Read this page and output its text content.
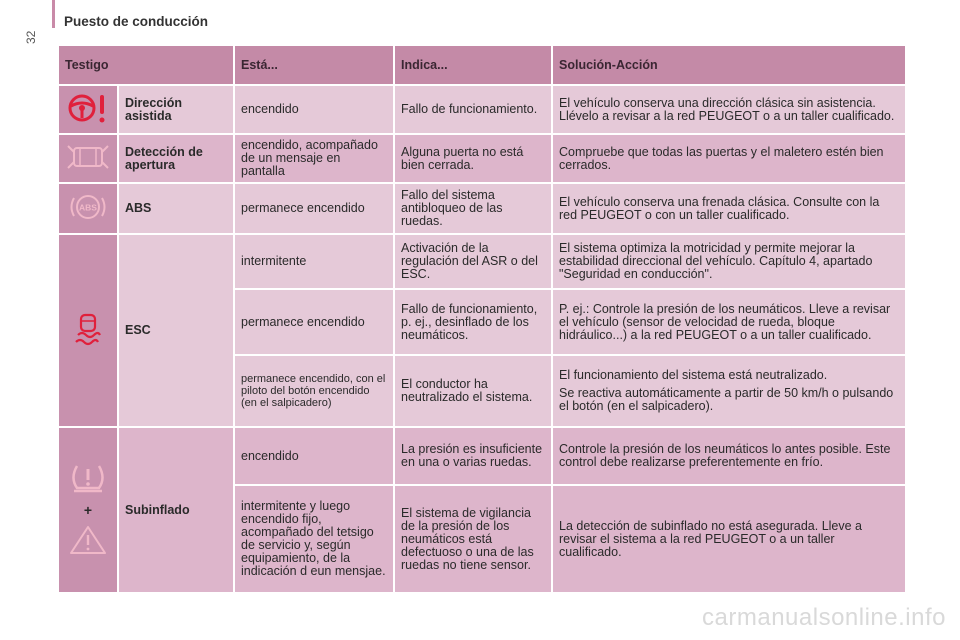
32
Puesto de conducción
Testigo		Está...	Indica...	Solución-Acción
	Dirección asistida	encendido	Fallo de funcionamiento.	El vehículo conserva una dirección clásica sin asistencia. Llévelo a revisar a la red PEUGEOT o a un taller cualificado.
	Detección de apertura	encendido, acompañado de un mensaje en pantalla	Alguna puerta no está bien cerrada.	Compruebe que todas las puertas y el maletero estén bien cerrados.

ABS	ABS	permanece encendido	Fallo del sistema antibloqueo de las ruedas.	El vehículo conserva una frenada clásica. Consulte con la red PEUGEOT o con un taller cualificado.
	ESC	intermitente	Activación de la regulación del ASR o del ESC.	El sistema optimiza la motricidad y permite mejorar la estabilidad direccional del vehículo. Capítulo 4, apartado "Seguridad en conducción".
		permanece encendido	Fallo de funcionamiento, p. ej., desinflado de los neumáticos.	P. ej.: Controle la presión de los neumáticos. Lleve a revisar el vehículo (sensor de velocidad de rueda, bloque hidráulico...) a la red PEUGEOT o a un taller cualificado.
		permanece encendido, con el piloto del botón encendido (en el salpicadero)	El conductor ha neutralizado el sistema.	El funcionamiento del sistema está neutralizado.

Se reactiva automáticamente a partir de 50 km/h o pulsando el botón (en el salpicadero).

+	Subinflado	encendido	La presión es insuficiente en una o varias ruedas.	Controle la presión de los neumáticos lo antes posible. Este control debe realizarse preferentemente en frío.
		intermitente y luego encendido fijo, acompañado del tetsigo de servicio y, según equipamiento, de la indicación d eun mensjae.	El sistema de vigilancia de la presión de los neumáticos está defectuoso o una de las ruedas no tiene sensor.	La detección de subinflado no está asegurada. Lleve a revisar el sistema a la red PEUGEOT o a un taller cualificado.
carmanualsonline.info
